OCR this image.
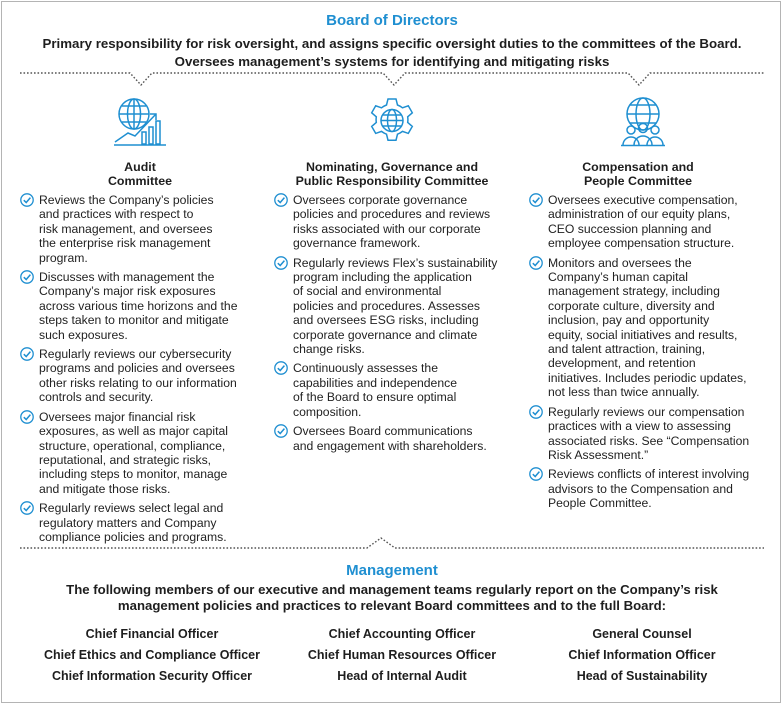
Board of Directors
Primary responsibility for risk oversight, and assigns specific oversight duties to the committees of the Board.
Oversees management’s systems for identifying and mitigating risks
Audit
Committee
Nominating, Governance and
Public Responsibility Committee
Compensation and
People Committee
Reviews the Company’s policies
and practices with respect to
risk management, and oversees
the enterprise risk management
program.
Discusses with management the
Company’s major risk exposures
across various time horizons and the
steps taken to monitor and mitigate
such exposures.
Regularly reviews our cybersecurity
programs and policies and oversees
other risks relating to our information
controls and security.
Oversees major financial risk
exposures, as well as major capital
structure, operational, compliance,
reputational, and strategic risks,
including steps to monitor, manage
and mitigate those risks.
Regularly reviews select legal and
regulatory matters and Company
compliance policies and programs.
Oversees corporate governance
policies and procedures and reviews
risks associated with our corporate
governance framework.
Regularly reviews Flex’s sustainability
program including the application
of social and environmental
policies and procedures. Assesses
and oversees ESG risks, including
corporate governance and climate
change risks.
Continuously assesses the
capabilities and independence
of the Board to ensure optimal
composition.
Oversees Board communications
and engagement with shareholders.
Oversees executive compensation,
administration of our equity plans,
CEO succession planning and
employee compensation structure.
Monitors and oversees the
Company’s human capital
management strategy, including
corporate culture, diversity and
inclusion, pay and opportunity
equity, social initiatives and results,
and talent attraction, training,
development, and retention
initiatives. Includes periodic updates,
not less than twice annually.
Regularly reviews our compensation
practices with a view to assessing
associated risks. See “Compensation
Risk Assessment.”
Reviews conflicts of interest involving
advisors to the Compensation and
People Committee.
Management
The following members of our executive and management teams regularly report on the Company’s risk
management policies and practices to relevant Board committees and to the full Board:
Chief Financial Officer	Chief Accounting Officer	General Counsel
Chief Ethics and Compliance Officer	Chief Human Resources Officer	Chief Information Officer
Chief Information Security Officer	Head of Internal Audit	Head of Sustainability
